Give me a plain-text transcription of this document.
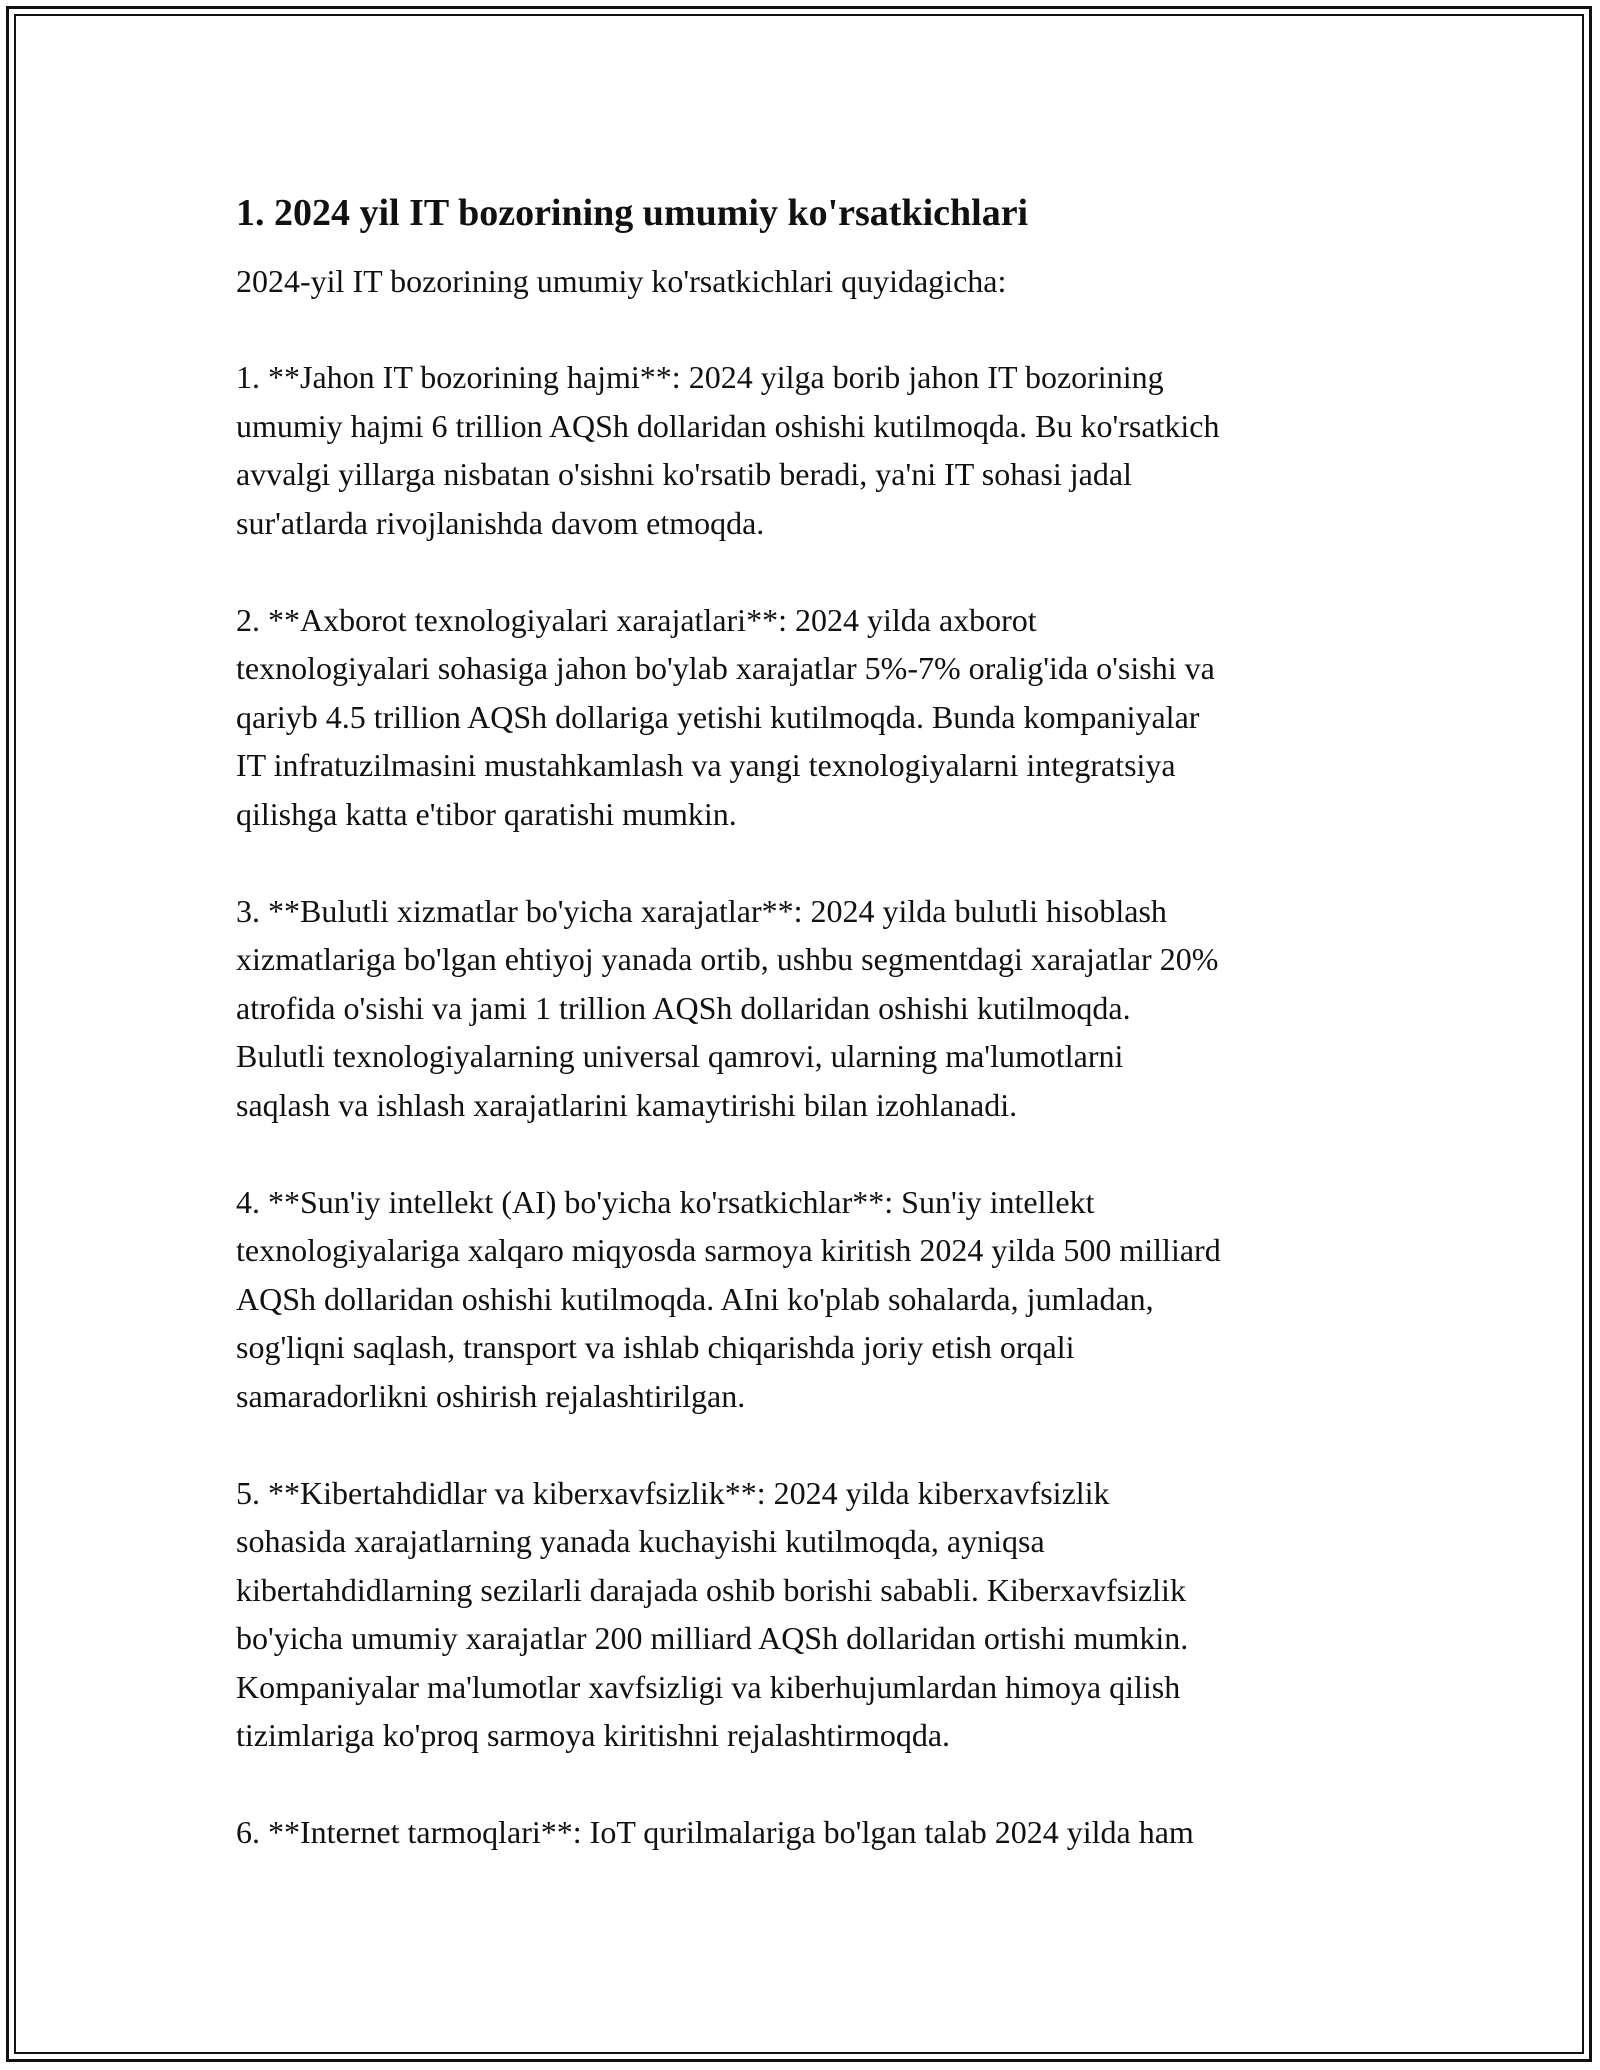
1. 2024 yil IT bozorining umumiy ko'rsatkichlari

2024-yil IT bozorining umumiy ko'rsatkichlari quyidagicha:

1. **Jahon IT bozorining hajmi**: 2024 yilga borib jahon IT bozorining
umumiy hajmi 6 trillion AQSh dollaridan oshishi kutilmoqda. Bu ko'rsatkich
avvalgi yillarga nisbatan o'sishni ko'rsatib beradi, ya'ni IT sohasi jadal
sur'atlarda rivojlanishda davom etmoqda.
2. **Axborot texnologiyalari xarajatlari**: 2024 yilda axborot
texnologiyalari sohasiga jahon bo'ylab xarajatlar 5%-7% oralig'ida o'sishi va
qariyb 4.5 trillion AQSh dollariga yetishi kutilmoqda. Bunda kompaniyalar
IT infratuzilmasini mustahkamlash va yangi texnologiyalarni integratsiya
qilishga katta e'tibor qaratishi mumkin.
3. **Bulutli xizmatlar bo'yicha xarajatlar**: 2024 yilda bulutli hisoblash
xizmatlariga bo'lgan ehtiyoj yanada ortib, ushbu segmentdagi xarajatlar 20%
atrofida o'sishi va jami 1 trillion AQSh dollaridan oshishi kutilmoqda.
Bulutli texnologiyalarning universal qamrovi, ularning ma'lumotlarni
saqlash va ishlash xarajatlarini kamaytirishi bilan izohlanadi.
4. **Sun'iy intellekt (AI) bo'yicha ko'rsatkichlar**: Sun'iy intellekt
texnologiyalariga xalqaro miqyosda sarmoya kiritish 2024 yilda 500 milliard
AQSh dollaridan oshishi kutilmoqda. AIni ko'plab sohalarda, jumladan,
sog'liqni saqlash, transport va ishlab chiqarishda joriy etish orqali
samaradorlikni oshirish rejalashtirilgan.
5. **Kibertahdidlar va kiberxavfsizlik**: 2024 yilda kiberxavfsizlik
sohasida xarajatlarning yanada kuchayishi kutilmoqda, ayniqsa
kibertahdidlarning sezilarli darajada oshib borishi sababli. Kiberxavfsizlik
bo'yicha umumiy xarajatlar 200 milliard AQSh dollaridan ortishi mumkin.
Kompaniyalar ma'lumotlar xavfsizligi va kiberhujumlardan himoya qilish
tizimlariga ko'proq sarmoya kiritishni rejalashtirmoqda.
6. **Internet tarmoqlari**: IoT qurilmalariga bo'lgan talab 2024 yilda ham
